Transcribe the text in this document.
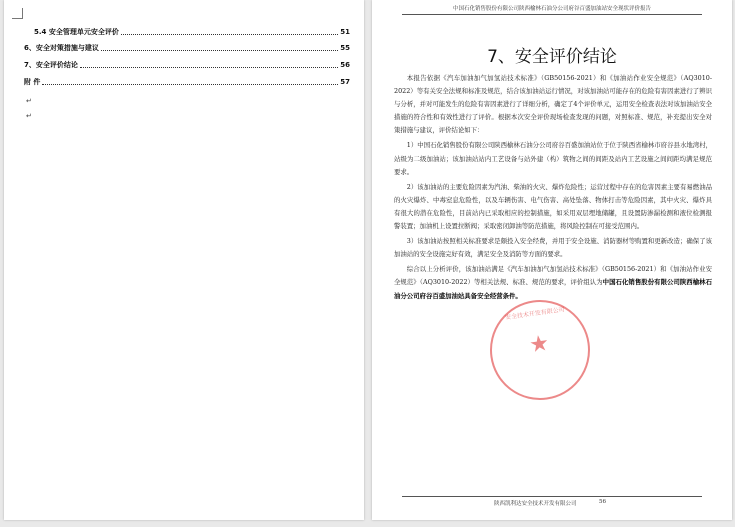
5.4 安全管理单元安全评价	51
6、安全对策措施与建议	55
7、安全评价结论	56
附 件	57
↵
↵
中国石化销售股份有限公司陕西榆林石油分公司府谷百盛加油站安全现状评价报告
7、安全评价结论

本报告依据《汽车加油加气加氢站技术标准》（GB50156-2021）和《加油站作业安全规范》（AQ3010-2022）等有关安全法规和标准及规范，结合该加油站运行情况，对该加油站可能存在的危险有害因素进行了辨识与分析，并对可能发生的危险有害因素进行了详细分析，确定了4个评价单元，运用安全检查表法对该加油站安全措施的符合性和有效性进行了评价。根据本次安全评价现场检查发现的问题，对照标准、规范，补充提出安全对策措施与建议，评价结论如下：

1）中国石化销售股份有限公司陕西榆林石油分公司府谷百盛加油站位于位于陕西省榆林市府谷县水地湾村，站级为二级加油站；该加油站站内工艺设备与站外建（构）筑物之间的间距及站内工艺设施之间间距均满足规范要求。

2）该加油站的主要危险因素为汽油、柴油的火灾、爆炸危险性；运营过程中存在的危害因素主要有易燃油品的火灾爆炸、中毒窒息危险性，以及车辆伤害、电气伤害、高处坠落、物体打击等危险因素，其中火灾、爆炸具有很大的潜在危险性，目前站内已采取相应的控制措施，如采用双层埋地储罐，且设置防渗漏检测和液位检测报警装置；加油机上设置拉断阀；采取密闭卸油等防范措施，将风险控制在可接受范围内。

3）该加油站按照相关标准要求是颇投入安全经费，并用于安全设施、消防器材等购置和更新改造；确保了该加油站的安全设施完好有效，满足安全及消防等方面的要求。

综合以上分析评价，该加油站满足《汽车加油加气加氢站技术标准》（GB50156-2021）和《加油站作业安全规范》（AQ3010-2022）等相关法规、标准、规范的要求，评价组认为中国石化销售股份有限公司陕西榆林石油分公司府谷百盛加油站具备安全经营条件。

安全技术开发有限公司
★
陕西凯利达安全技术开发有限公司	56
